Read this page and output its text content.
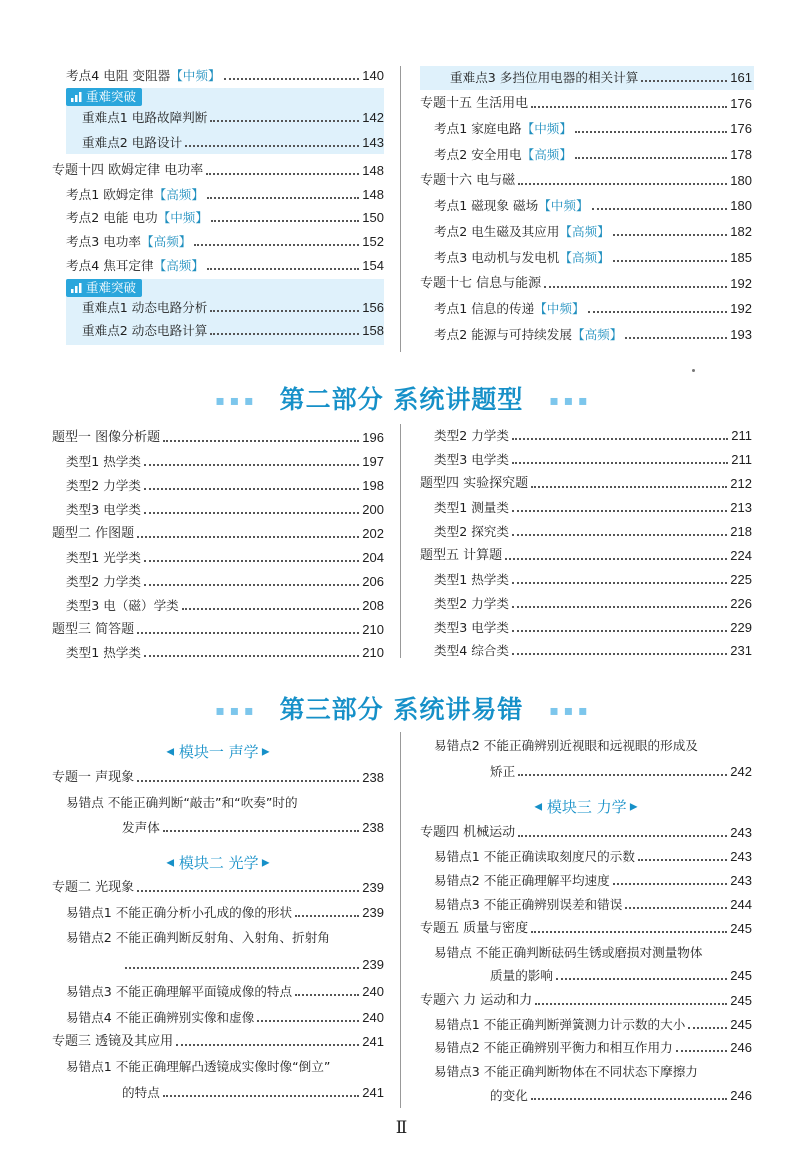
考点4 电阻 变阻器 【中频】	140
重难突破
重难点1 电路故障判断	142
重难点2 电路设计	143
专题十四 欧姆定律 电功率	148
考点1 欧姆定律 【高频】	148
考点2 电能 电功 【中频】	150
考点3 电功率 【高频】	152
考点4 焦耳定律 【高频】	154
重难突破
重难点1 动态电路分析	156
重难点2 动态电路计算	158
重难点3 多挡位用电器的相关计算	161
专题十五 生活用电	176
考点1 家庭电路 【中频】	176
考点2 安全用电 【高频】	178
专题十六 电与磁	180
考点1 磁现象 磁场 【中频】	180
考点2 电生磁及其应用 【高频】	182
考点3 电动机与发电机 【高频】	185
专题十七 信息与能源	192
考点1 信息的传递 【中频】	192
考点2 能源与可持续发展 【高频】	193
▪ ▪ ▪ 第二部分 系统讲题型 ▪ ▪ ▪
题型一 图像分析题	196
类型1 热学类	197
类型2 力学类	198
类型3 电学类	200
题型二 作图题	202
类型1 光学类	204
类型2 力学类	206
类型3 电（磁）学类	208
题型三 简答题	210
类型1 热学类	210
类型2 力学类	211
类型3 电学类	211
题型四 实验探究题	212
类型1 测量类	213
类型2 探究类	218
题型五 计算题	224
类型1 热学类	225
类型2 力学类	226
类型3 电学类	229
类型4 综合类	231
▪ ▪ ▪ 第三部分 系统讲易错 ▪ ▪ ▪
◀ 模块一 声学 ▶
专题一 声现象	238
易错点 不能正确判断“敲击”和“吹奏”时的
发声体	238
◀ 模块二 光学 ▶
专题二 光现象	239
易错点1 不能正确分析小孔成的像的形状	239
易错点2 不能正确判断反射角、入射角、折射角
239
易错点3 不能正确理解平面镜成像的特点	240
易错点4 不能正确辨别实像和虚像	240
专题三 透镜及其应用	241
易错点1 不能正确理解凸透镜成实像时像“倒立”
的特点	241
易错点2 不能正确辨别近视眼和远视眼的形成及
矫正	242
◀ 模块三 力学 ▶
专题四 机械运动	243
易错点1 不能正确读取刻度尺的示数	243
易错点2 不能正确理解平均速度	243
易错点3 不能正确辨别误差和错误	244
专题五 质量与密度	245
易错点 不能正确判断砝码生锈或磨损对测量物体
质量的影响	245
专题六 力 运动和力	245
易错点1 不能正确判断弹簧测力计示数的大小	245
易错点2 不能正确辨别平衡力和相互作用力	246
易错点3 不能正确判断物体在不同状态下摩擦力
的变化	246
Ⅱ
